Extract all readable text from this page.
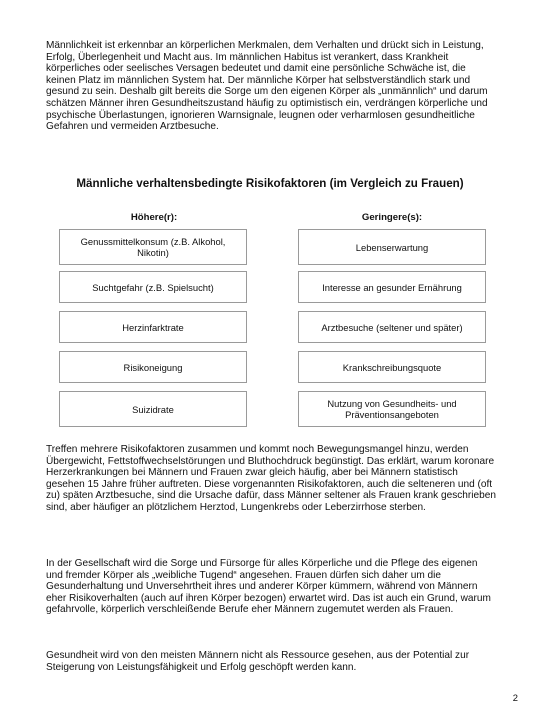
Männlichkeit ist erkennbar an körperlichen Merkmalen, dem Verhalten und drückt sich in Leistung, Erfolg, Überlegenheit und Macht aus. Im männlichen Habitus ist verankert, dass Krankheit körperliches oder seelisches Versagen bedeutet und damit eine persönliche Schwäche ist, die keinen Platz im männlichen System hat. Der männliche Körper hat selbstverständlich stark und gesund zu sein. Deshalb gilt bereits die Sorge um den eigenen Körper als „unmännlich“ und darum schätzen Männer ihren Gesundheitszustand häufig zu optimistisch ein, verdrängen körperliche und psychische Überlastungen, ignorieren Warnsignale, leugnen oder verharmlosen gesundheitliche Gefahren und vermeiden Arztbesuche.

Männliche verhaltensbedingte Risikofaktoren (im Vergleich zu Frauen)
Höhere(r):	Geringere(s):
Genussmittelkonsum (z.B. Alkohol, Nikotin)	Lebenserwartung
Suchtgefahr (z.B. Spielsucht)	Interesse an gesunder Ernährung
Herzinfarktrate	Arztbesuche (seltener und später)
Risikoneigung	Krankschreibungsquote
Suizidrate	Nutzung von Gesundheits- und Präventionsangeboten

Treffen mehrere Risikofaktoren zusammen und kommt noch Bewegungsmangel hinzu, werden Übergewicht, Fettstoffwechselstörungen und Bluthochdruck begünstigt. Das erklärt, warum koronare Herzerkrankungen bei Männern und Frauen zwar gleich häufig, aber bei Männern statistisch gesehen 15 Jahre früher auftreten. Diese vorgenannten Risikofaktoren, auch die selteneren und (oft zu) späten Arztbesuche, sind die Ursache dafür, dass Männer seltener als Frauen krank geschrieben sind, aber häufiger an plötzlichem Herztod, Lungenkrebs oder Leberzirrhose sterben.

In der Gesellschaft wird die Sorge und Fürsorge für alles Körperliche und die Pflege des eigenen und fremder Körper als „weibliche Tugend“ angesehen. Frauen dürfen sich daher um die Gesunderhaltung und Unversehrtheit ihres und anderer Körper kümmern, während von Männern eher Risikoverhalten (auch auf ihren Körper bezogen) erwartet wird. Das ist auch ein Grund, warum gefahrvolle, körperlich verschleißende Berufe eher Männern zugemutet werden als Frauen.

Gesundheit wird von den meisten Männern nicht als Ressource gesehen, aus der Potential zur Steigerung von Leistungsfähigkeit und Erfolg geschöpft werden kann.

2
